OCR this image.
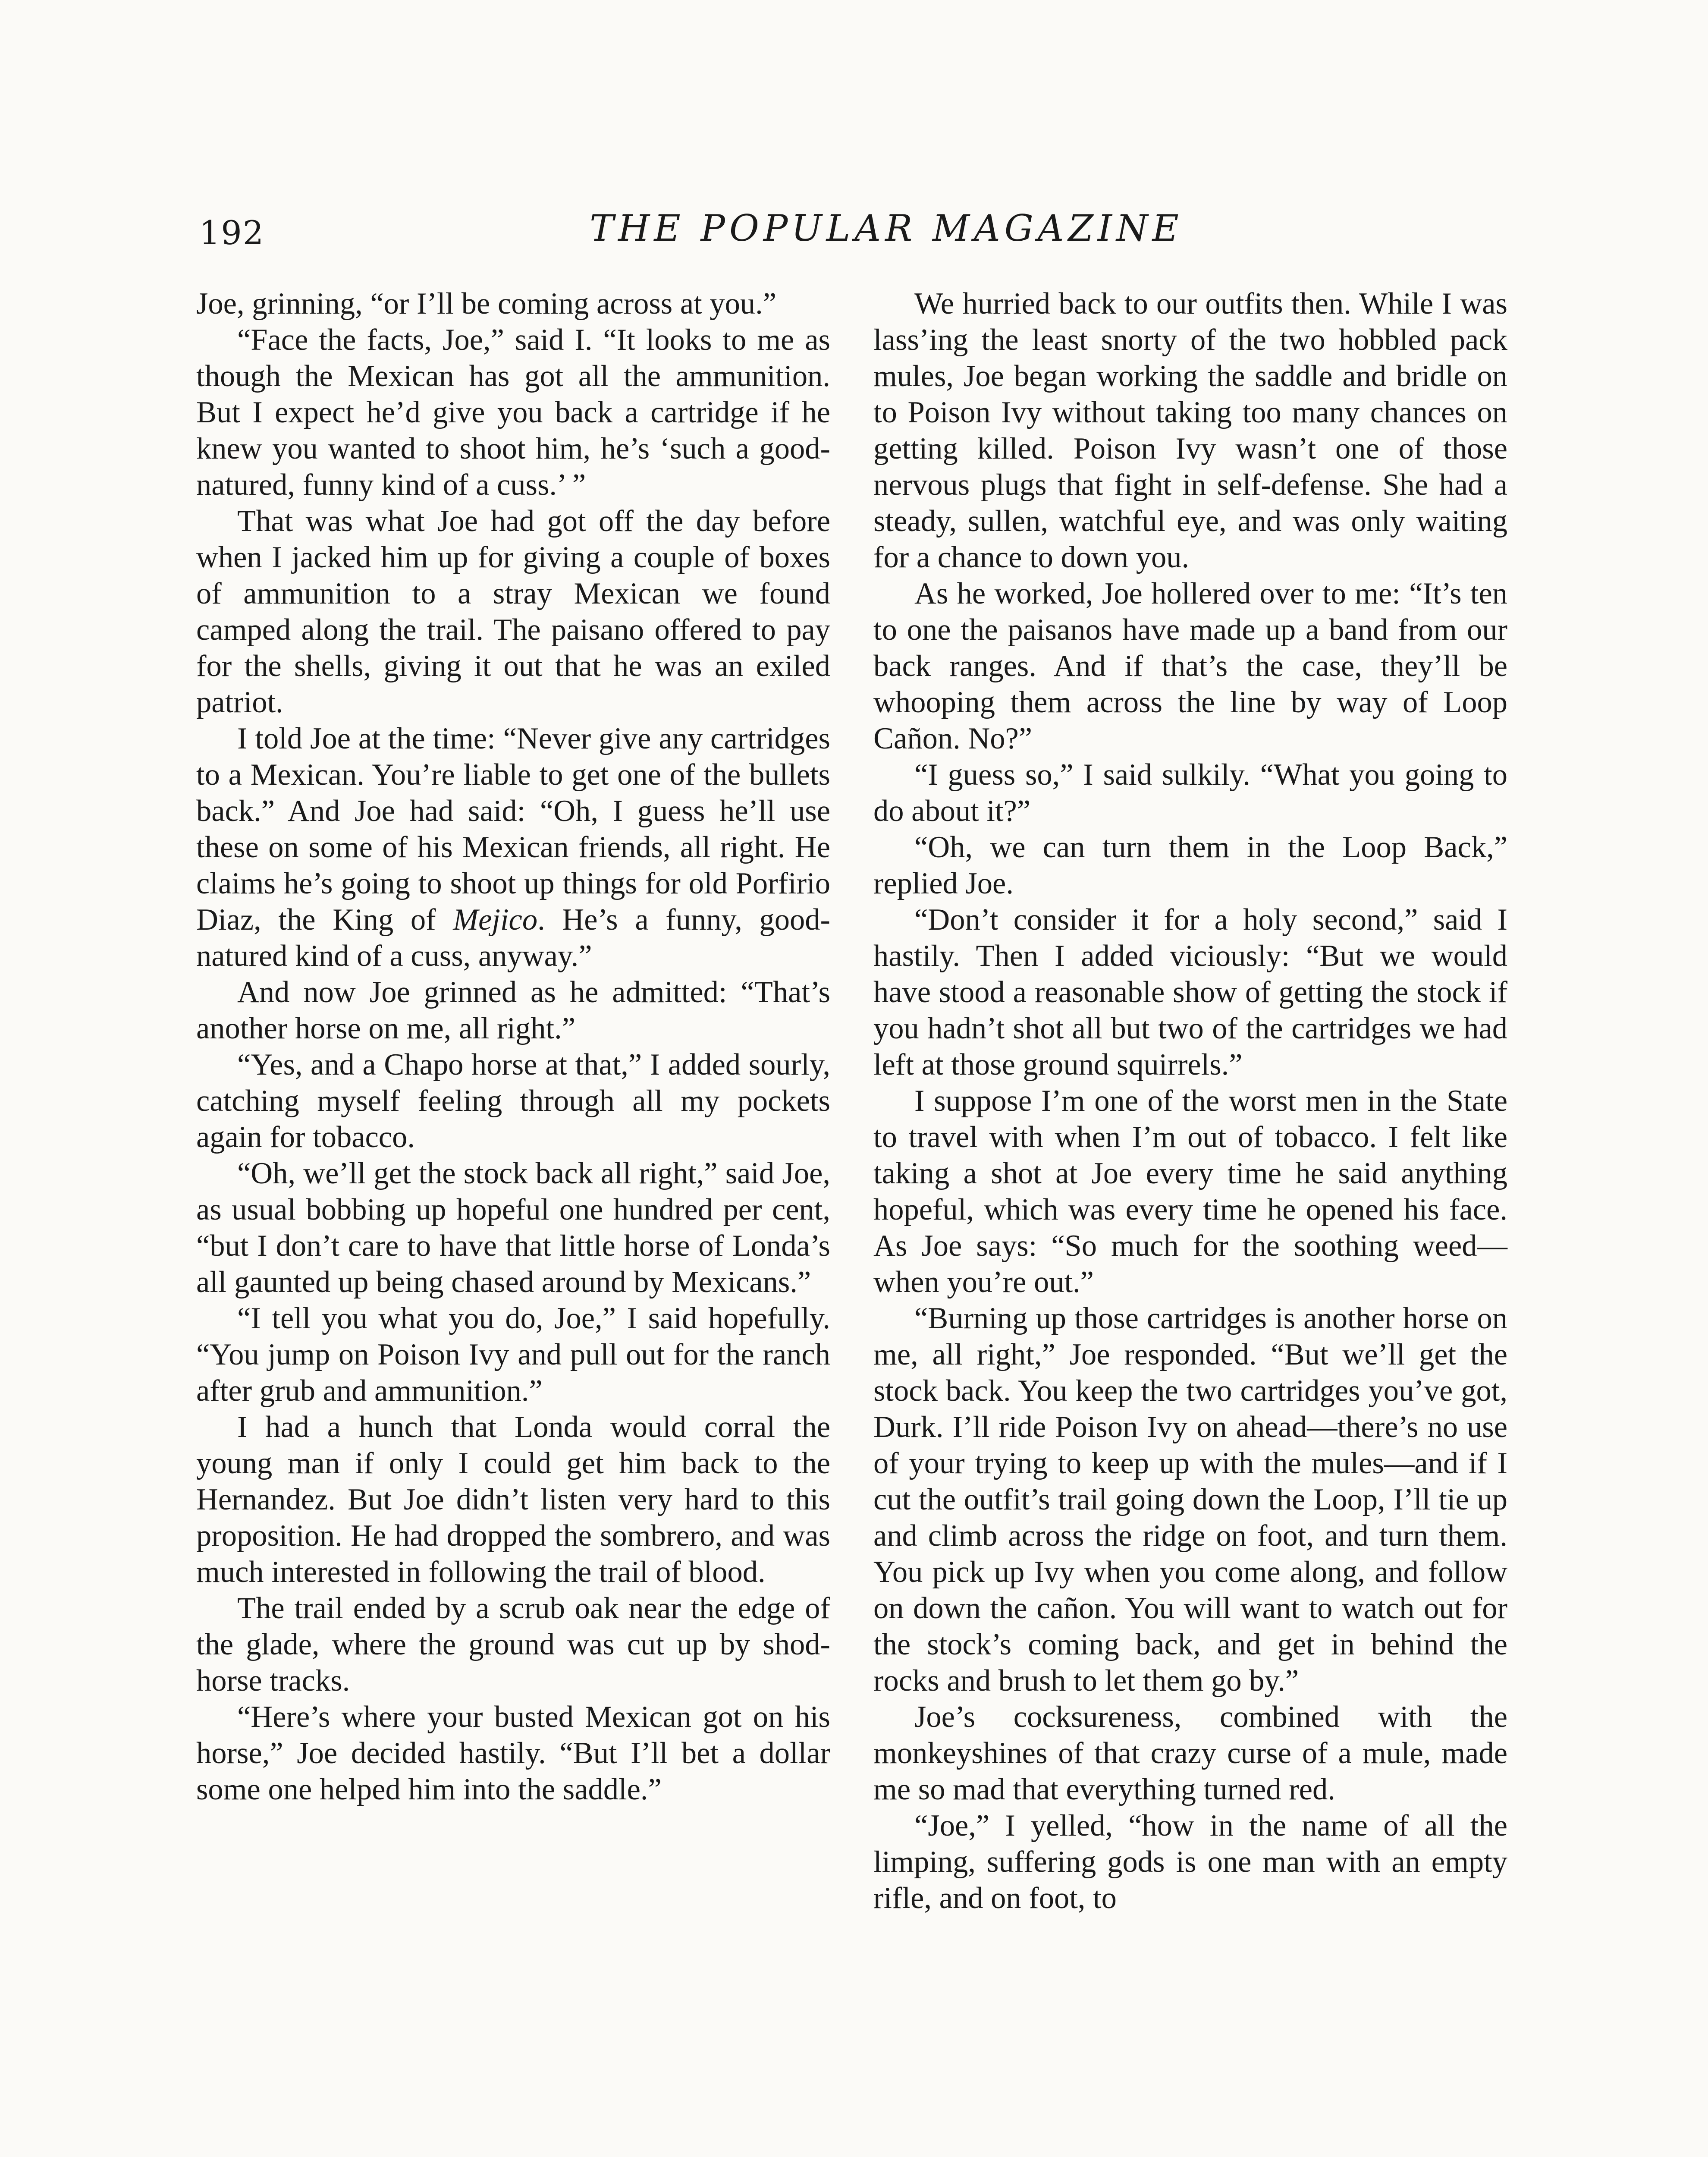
192	THE POPULAR MAGAZINE

Joe, grinning, “or I’ll be coming across at you.”

“Face the facts, Joe,” said I. “It looks to me as though the Mexican has got all the ammunition. But I expect he’d give you back a cartridge if he knew you wanted to shoot him, he’s ‘such a good-natured, funny kind of a cuss.’ ”

That was what Joe had got off the day before when I jacked him up for giving a couple of boxes of ammunition to a stray Mexican we found camped along the trail. The paisano offered to pay for the shells, giving it out that he was an exiled patriot.

I told Joe at the time: “Never give any cartridges to a Mexican. You’re liable to get one of the bullets back.” And Joe had said: “Oh, I guess he’ll use these on some of his Mexican friends, all right. He claims he’s going to shoot up things for old Porfirio Diaz, the King of Mejico. He’s a funny, good-natured kind of a cuss, anyway.”

And now Joe grinned as he admitted: “That’s another horse on me, all right.”

“Yes, and a Chapo horse at that,” I added sourly, catching myself feeling through all my pockets again for tobacco.

“Oh, we’ll get the stock back all right,” said Joe, as usual bobbing up hopeful one hundred per cent, “but I don’t care to have that little horse of Londa’s all gaunted up being chased around by Mexicans.”

“I tell you what you do, Joe,” I said hopefully. “You jump on Poison Ivy and pull out for the ranch after grub and ammunition.”

I had a hunch that Londa would corral the young man if only I could get him back to the Hernandez. But Joe didn’t listen very hard to this proposition. He had dropped the sombrero, and was much interested in following the trail of blood.

The trail ended by a scrub oak near the edge of the glade, where the ground was cut up by shod-horse tracks.

“Here’s where your busted Mexican got on his horse,” Joe decided hastily. “But I’ll bet a dollar some one helped him into the saddle.”

We hurried back to our outfits then. While I was lass’ing the least snorty of the two hobbled pack mules, Joe began working the saddle and bridle on to Poison Ivy without taking too many chances on getting killed. Poison Ivy wasn’t one of those nervous plugs that fight in self-defense. She had a steady, sullen, watchful eye, and was only waiting for a chance to down you.

As he worked, Joe hollered over to me: “It’s ten to one the paisanos have made up a band from our back ranges. And if that’s the case, they’ll be whooping them across the line by way of Loop Cañon. No?”

“I guess so,” I said sulkily. “What you going to do about it?”

“Oh, we can turn them in the Loop Back,” replied Joe.

“Don’t consider it for a holy second,” said I hastily. Then I added viciously: “But we would have stood a reasonable show of getting the stock if you hadn’t shot all but two of the cartridges we had left at those ground squirrels.”

I suppose I’m one of the worst men in the State to travel with when I’m out of tobacco. I felt like taking a shot at Joe every time he said anything hopeful, which was every time he opened his face. As Joe says: “So much for the soothing weed—when you’re out.”

“Burning up those cartridges is another horse on me, all right,” Joe responded. “But we’ll get the stock back. You keep the two cartridges you’ve got, Durk. I’ll ride Poison Ivy on ahead—there’s no use of your trying to keep up with the mules—and if I cut the outfit’s trail going down the Loop, I’ll tie up and climb across the ridge on foot, and turn them. You pick up Ivy when you come along, and follow on down the cañon. You will want to watch out for the stock’s coming back, and get in behind the rocks and brush to let them go by.”

Joe’s cocksureness, combined with the monkeyshines of that crazy curse of a mule, made me so mad that everything turned red.

“Joe,” I yelled, “how in the name of all the limping, suffering gods is one man with an empty rifle, and on foot, to
